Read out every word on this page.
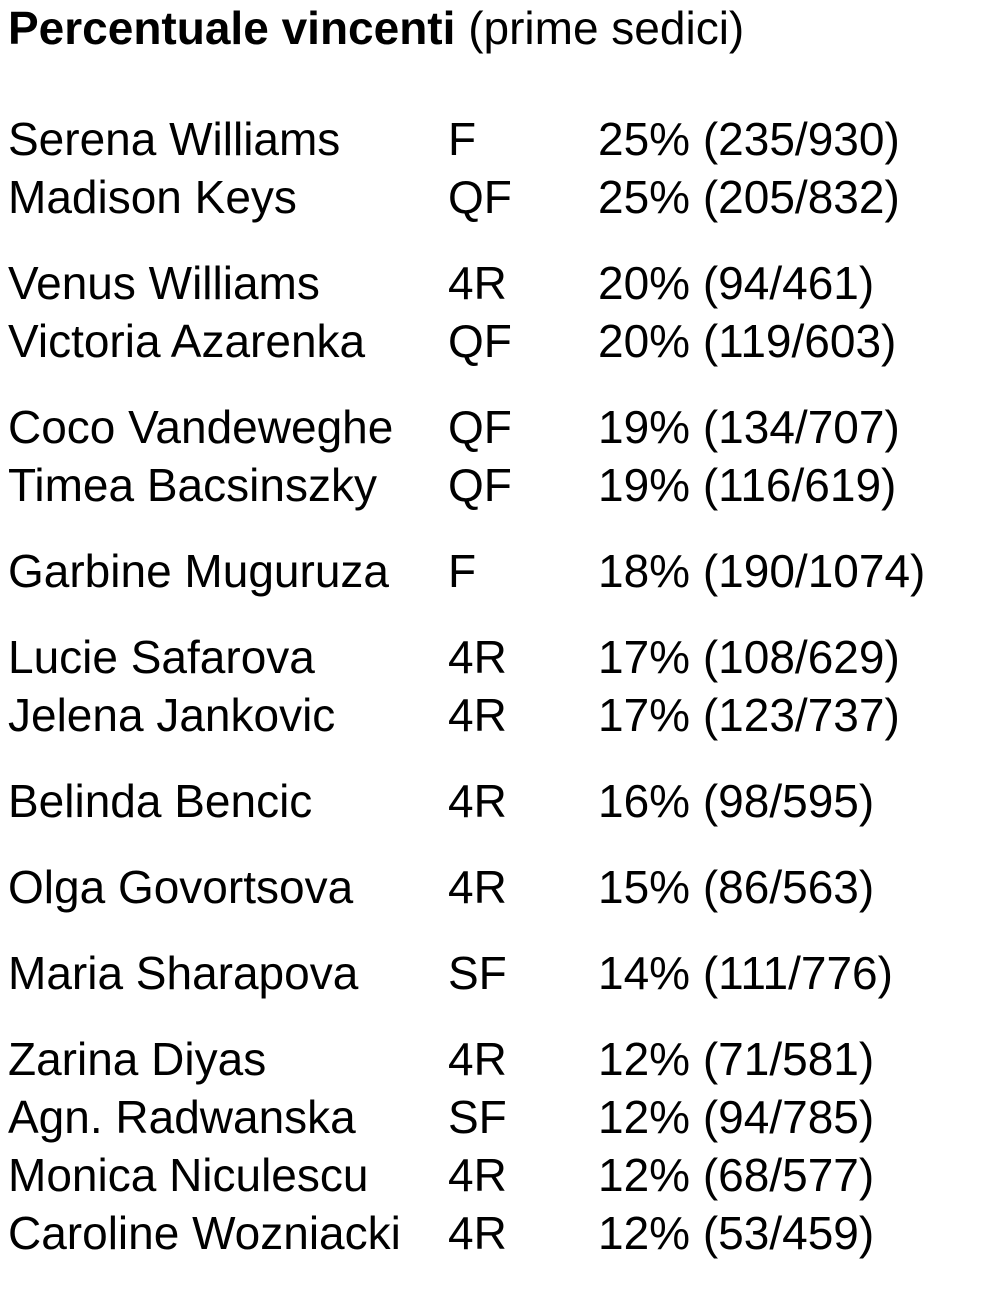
Percentuale vincenti (prime sedici)
Serena Williams F	25% (235/930)
Madison Keys	QF 25% (205/832)
Venus Williams	4R 20% (94/461)
Victoria Azarenka QF 20% (119/603)
Coco Vandeweghe QF 19% (134/707)
Timea Bacsinszky QF 19% (116/619)
Garbine Muguruza F	18% (190/1074)
Lucie Safarova	4R 17% (108/629)
Jelena Jankovic 4R 17% (123/737)
Belinda Bencic	4R 16% (98/595)
Olga Govortsova 4R 15% (86/563)
Maria Sharapova SF 14% (111/776)
Zarina Diyas	4R 12% (71/581)
Agn. Radwanska SF 12% (94/785)
Monica Niculescu 4R 12% (68/577)
Caroline Wozniacki 4R 12% (53/459)
